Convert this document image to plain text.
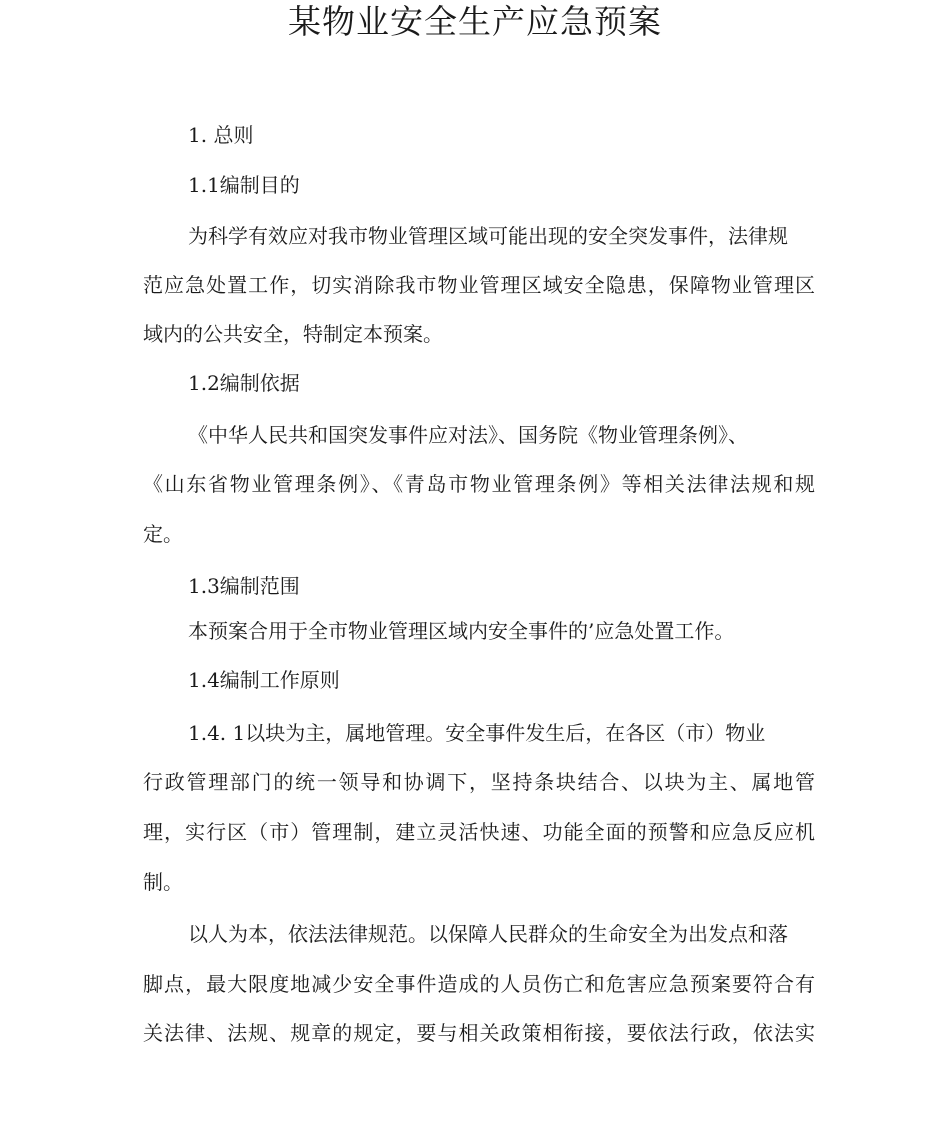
某物业安全生产应急预案
1. 总则
1.1编制目的
为科学有效应对我市物业管理区域可能出现的安全突发事件，法律规
范应急处置工作，切实消除我市物业管理区域安全隐患，保障物业管理区
域内的公共安全，特制定本预案。
1.2编制依据
《中华人民共和国突发事件应对法》、国务院《物业管理条例》、
《山东省物业管理条例》、《青岛市物业管理条例》等相关法律法规和规
定。
1.3编制范围
本预案合用于全市物业管理区域内安全事件的’应急处置工作。
1.4编制工作原则
1.4. 1以块为主，属地管理。安全事件发生后，在各区（市）物业
行政管理部门的统一领导和协调下，坚持条块结合、以块为主、属地管
理，实行区（市）管理制，建立灵活快速、功能全面的预警和应急反应机
制。
以人为本，依法法律规范。以保障人民群众的生命安全为出发点和落
脚点，最大限度地减少安全事件造成的人员伤亡和危害应急预案要符合有
关法律、法规、规章的规定，要与相关政策相衔接，要依法行政，依法实
